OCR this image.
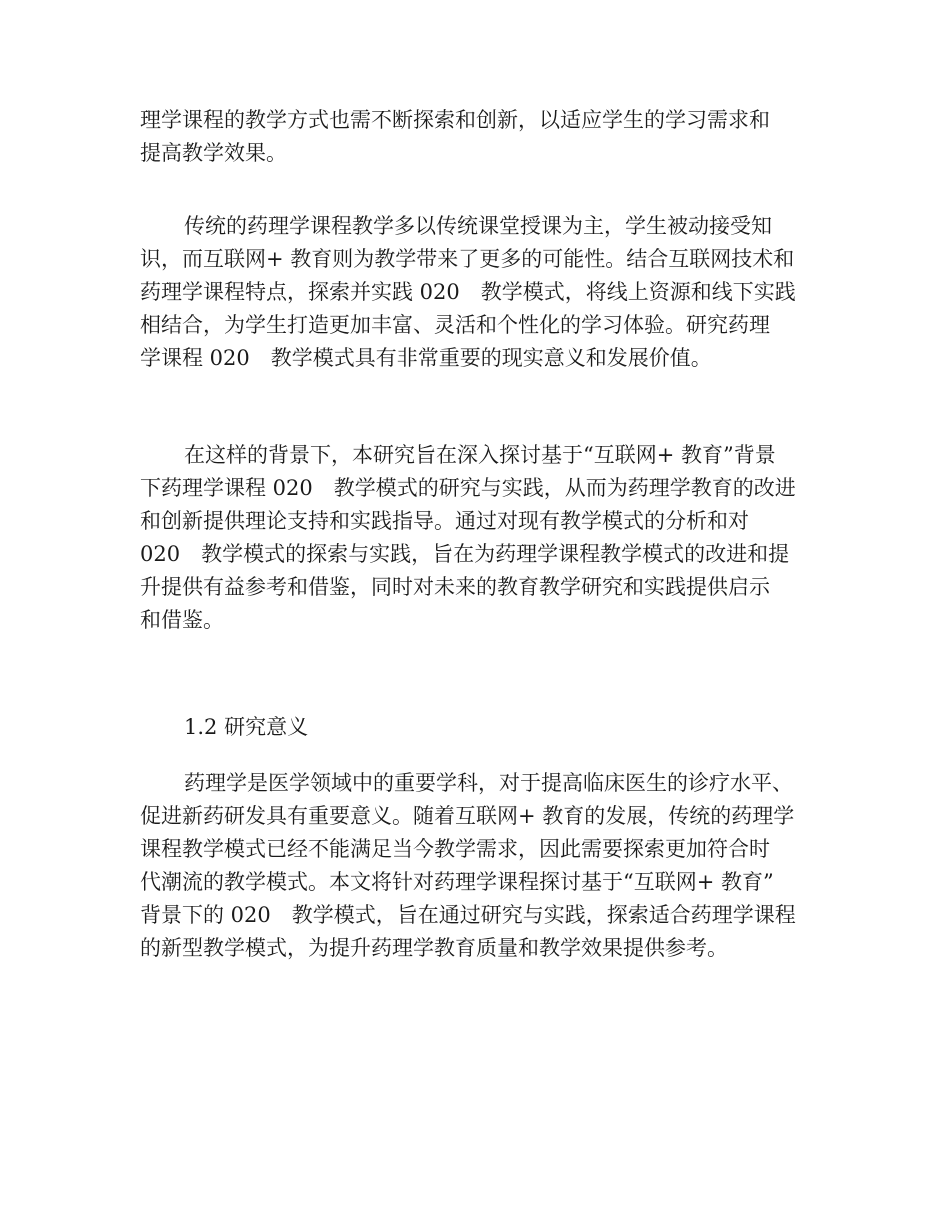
理学课程的教学方式也需不断探索和创新，以适应学生的学习需求和
提高教学效果。
传统的药理学课程教学多以传统课堂授课为主，学生被动接受知
识，而互联网+ 教育则为教学带来了更多的可能性。结合互联网技术和
药理学课程特点，探索并实践 020　教学模式，将线上资源和线下实践
相结合，为学生打造更加丰富、灵活和个性化的学习体验。研究药理
学课程 020　教学模式具有非常重要的现实意义和发展价值。
在这样的背景下，本研究旨在深入探讨基于“互联网+ 教育”背景
下药理学课程 020　教学模式的研究与实践，从而为药理学教育的改进
和创新提供理论支持和实践指导。通过对现有教学模式的分析和对
020　教学模式的探索与实践，旨在为药理学课程教学模式的改进和提
升提供有益参考和借鉴，同时对未来的教育教学研究和实践提供启示
和借鉴。
1.2 研究意义
药理学是医学领域中的重要学科，对于提高临床医生的诊疗水平、
促进新药研发具有重要意义。随着互联网+ 教育的发展，传统的药理学
课程教学模式已经不能满足当今教学需求，因此需要探索更加符合时
代潮流的教学模式。本文将针对药理学课程探讨基于“互联网+ 教育”
背景下的 020　教学模式，旨在通过研究与实践，探索适合药理学课程
的新型教学模式，为提升药理学教育质量和教学效果提供参考。
